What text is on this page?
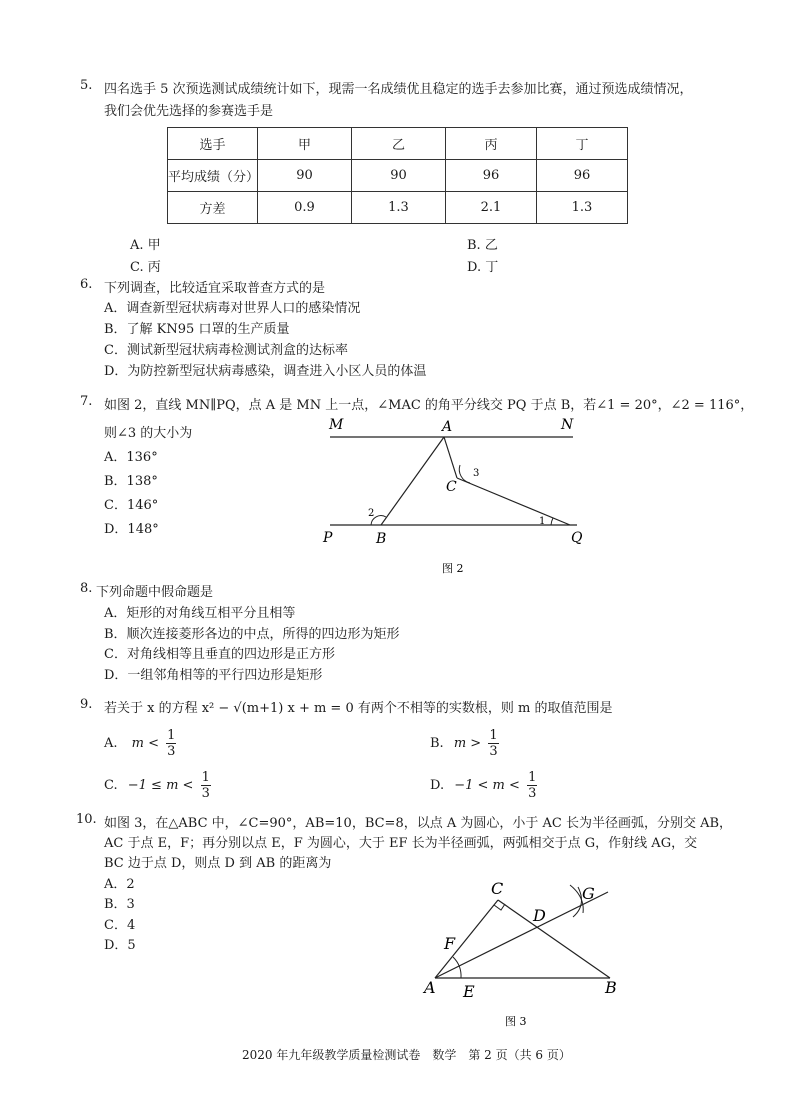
5. 四名选手 5 次预选测试成绩统计如下，现需一名成绩优且稳定的选手去参加比赛，通过预选成绩情况，
我们会优先选择的参赛选手是
选手	甲	乙	丙	丁
平均成绩（分）	90	90	96	96
方差	0.9	1.3	2.1	1.3
A. 甲	B. 乙
C. 丙	D. 丁
6. 下列调查，比较适宜采取普查方式的是
A．调查新型冠状病毒对世界人口的感染情况
B．了解 KN95 口罩的生产质量
C．测试新型冠状病毒检测试剂盒的达标率
D．为防控新型冠状病毒感染，调查进入小区人员的体温
7. 如图 2，直线 MN∥PQ，点 A 是 MN 上一点，∠MAC 的角平分线交 PQ 于点 B，若∠1 = 20°，∠2 = 116°，
则∠3 的大小为
A．136°
B．138°
C．146°
D．148°
M	A	N
C
3
2
1
P	B	Q
图 2
8. 下列命题中假命题是
A．矩形的对角线互相平分且相等
B．顺次连接菱形各边的中点，所得的四边形为矩形
C．对角线相等且垂直的四边形是正方形
D．一组邻角相等的平行四边形是矩形
9. 若关于 x 的方程 x² − √(m+1) x + m = 0 有两个不相等的实数根，则 m 的取值范围是
A. $m < \frac{1}{3}$	B. $m > \frac{1}{3}$
C. $-1 \le m < \frac{1}{3}$	D. $-1 < m < \frac{1}{3}$
10. 如图 3，在△ABC 中，∠C=90°，AB=10，BC=8，以点 A 为圆心，小于 AC 长为半径画弧，分别交 AB，
AC 于点 E，F；再分别以点 E，F 为圆心，大于 EF 长为半径画弧，两弧相交于点 G，作射线 AG，交
BC 边于点 D，则点 D 到 AB 的距离为
A．2
B．3
C．4
D．5
C	G
D
F
A E	B
图 3
2020 年九年级教学质量检测试卷　数学　第 2 页（共 6 页）
